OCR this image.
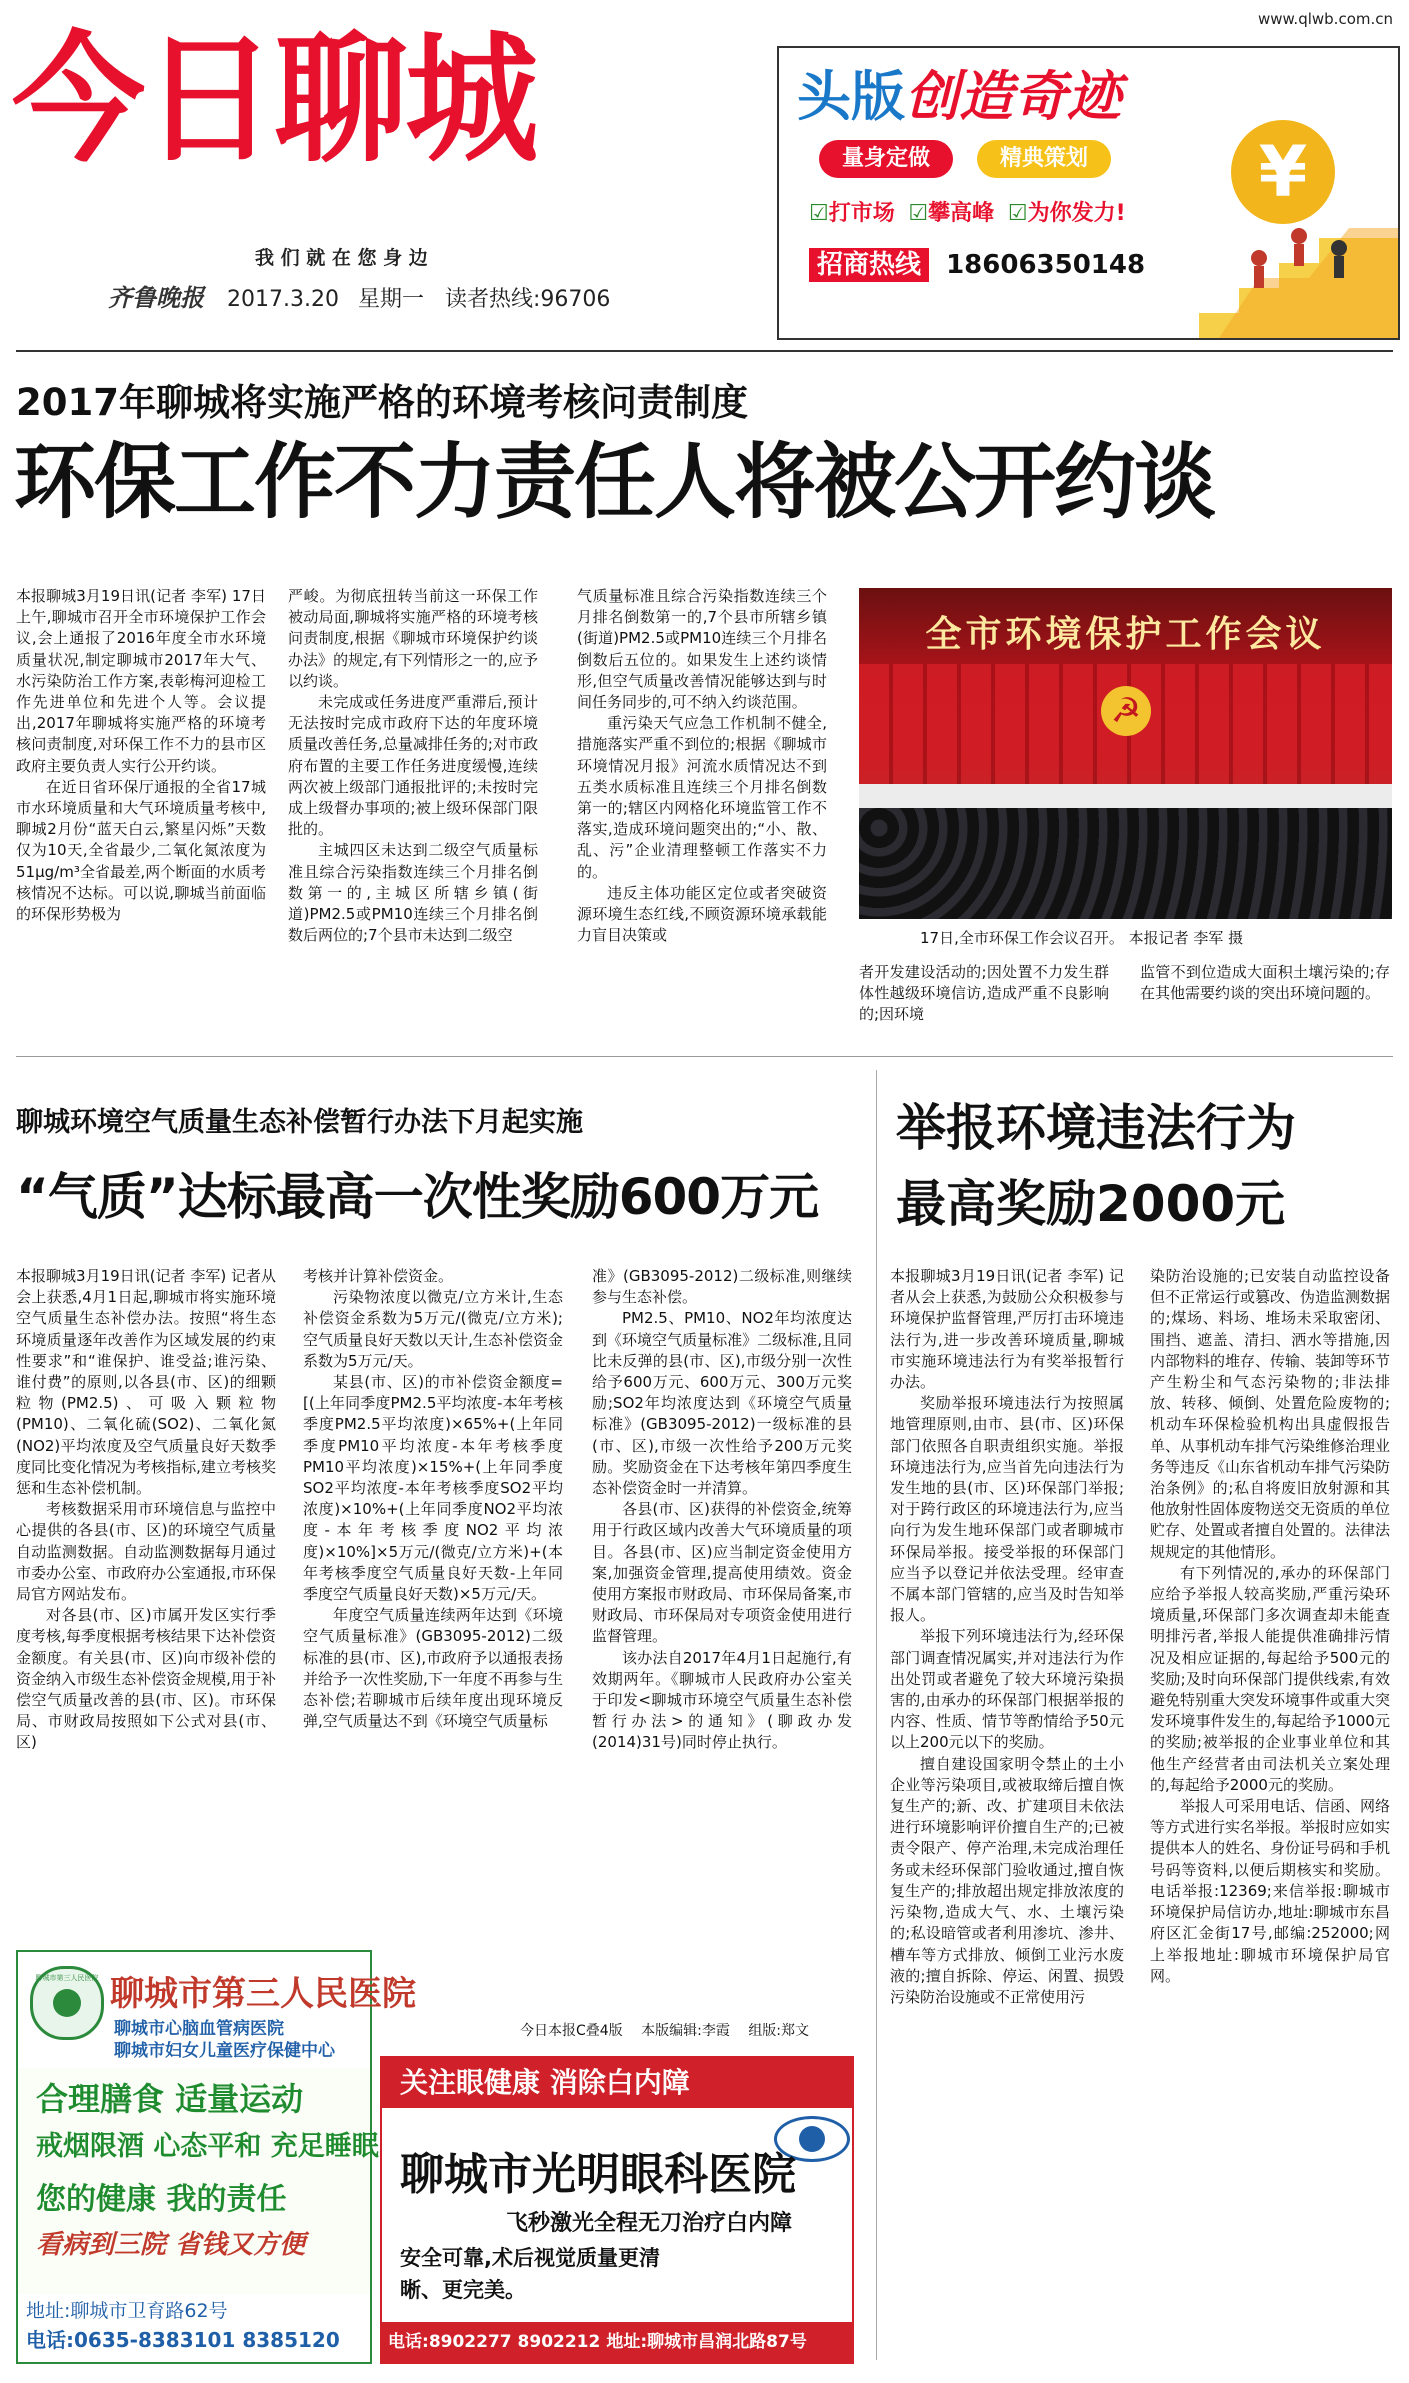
www.qlwb.com.cn
今日聊城
我 们 就 在 您 身 边
齐鲁晚报 2017.3.20 星期一 读者热线:96706
头版创造奇迹
量身定做	精典策划
☑打市场 ☑攀高峰 ☑为你发力!
招商热线 18606350148
¥
2017年聊城将实施严格的环境考核问责制度
环保工作不力责任人将被公开约谈

本报聊城3月19日讯(记者 李军) 17日上午,聊城市召开全市环境保护工作会议,会上通报了2016年度全市水环境质量状况,制定聊城市2017年大气、水污染防治工作方案,表彰梅河迎检工作先进单位和先进个人等。会议提出,2017年聊城将实施严格的环境考核问责制度,对环保工作不力的县市区政府主要负责人实行公开约谈。

在近日省环保厅通报的全省17城市水环境质量和大气环境质量考核中,聊城2月份“蓝天白云,繁星闪烁”天数仅为10天,全省最少,二氧化氮浓度为51μg/m³全省最差,两个断面的水质考核情况不达标。可以说,聊城当前面临的环保形势极为

严峻。为彻底扭转当前这一环保工作被动局面,聊城将实施严格的环境考核问责制度,根据《聊城市环境保护约谈办法》的规定,有下列情形之一的,应予以约谈。

未完成或任务进度严重滞后,预计无法按时完成市政府下达的年度环境质量改善任务,总量减排任务的;对市政府布置的主要工作任务进度缓慢,连续两次被上级部门通报批评的;未按时完成上级督办事项的;被上级环保部门限批的。

主城四区未达到二级空气质量标准且综合污染指数连续三个月排名倒数第一的,主城区所辖乡镇(街道)PM2.5或PM10连续三个月排名倒数后两位的;7个县市未达到二级空

气质量标准且综合污染指数连续三个月排名倒数第一的,7个县市所辖乡镇(街道)PM2.5或PM10连续三个月排名倒数后五位的。如果发生上述约谈情形,但空气质量改善情况能够达到与时间任务同步的,可不纳入约谈范围。

重污染天气应急工作机制不健全,措施落实严重不到位的;根据《聊城市环境情况月报》河流水质情况达不到五类水质标准且连续三个月排名倒数第一的;辖区内网格化环境监管工作不落实,造成环境问题突出的;“小、散、乱、污”企业清理整顿工作落实不力的。

违反主体功能区定位或者突破资源环境生态红线,不顾资源环境承载能力盲目决策或

全市环境保护工作会议
☭
17日,全市环保工作会议召开。 本报记者 李军 摄

者开发建设活动的;因处置不力发生群体性越级环境信访,造成严重不良影响的;因环境

监管不到位造成大面积土壤污染的;存在其他需要约谈的突出环境问题的。

聊城环境空气质量生态补偿暂行办法下月起实施
“气质”达标最高一次性奖励600万元

本报聊城3月19日讯(记者 李军) 记者从会上获悉,4月1日起,聊城市将实施环境空气质量生态补偿办法。按照“将生态环境质量逐年改善作为区域发展的约束性要求”和“谁保护、谁受益;谁污染、谁付费”的原则,以各县(市、区)的细颗粒物(PM2.5)、可吸入颗粒物(PM10)、二氧化硫(SO2)、二氧化氮(NO2)平均浓度及空气质量良好天数季度同比变化情况为考核指标,建立考核奖惩和生态补偿机制。

考核数据采用市环境信息与监控中心提供的各县(市、区)的环境空气质量自动监测数据。自动监测数据每月通过市委办公室、市政府办公室通报,市环保局官方网站发布。

对各县(市、区)市属开发区实行季度考核,每季度根据考核结果下达补偿资金额度。有关县(市、区)向市级补偿的资金纳入市级生态补偿资金规模,用于补偿空气质量改善的县(市、区)。市环保局、市财政局按照如下公式对县(市、区)

考核并计算补偿资金。

污染物浓度以微克/立方米计,生态补偿资金系数为5万元/(微克/立方米);空气质量良好天数以天计,生态补偿资金系数为5万元/天。

某县(市、区)的市补偿资金额度=[(上年同季度PM2.5平均浓度-本年考核季度PM2.5平均浓度)×65%+(上年同季度PM10平均浓度-本年考核季度PM10平均浓度)×15%+(上年同季度SO2平均浓度-本年考核季度SO2平均浓度)×10%+(上年同季度NO2平均浓度-本年考核季度NO2平均浓度)×10%]×5万元/(微克/立方米)+(本年考核季度空气质量良好天数-上年同季度空气质量良好天数)×5万元/天。

年度空气质量连续两年达到《环境空气质量标准》(GB3095-2012)二级标准的县(市、区),市政府予以通报表扬并给予一次性奖励,下一年度不再参与生态补偿;若聊城市后续年度出现环境反弹,空气质量达不到《环境空气质量标

准》(GB3095-2012)二级标准,则继续参与生态补偿。

PM2.5、PM10、NO2年均浓度达到《环境空气质量标准》二级标准,且同比未反弹的县(市、区),市级分别一次性给予600万元、600万元、300万元奖励;SO2年均浓度达到《环境空气质量标准》(GB3095-2012)一级标准的县(市、区),市级一次性给予200万元奖励。奖励资金在下达考核年第四季度生态补偿资金时一并清算。

各县(市、区)获得的补偿资金,统筹用于行政区域内改善大气环境质量的项目。各县(市、区)应当制定资金使用方案,加强资金管理,提高使用绩效。资金使用方案报市财政局、市环保局备案,市财政局、市环保局对专项资金使用进行监督管理。

该办法自2017年4月1日起施行,有效期两年。《聊城市人民政府办公室关于印发<聊城市环境空气质量生态补偿暂行办法>的通知》(聊政办发(2014)31号)同时停止执行。

举报环境违法行为
最高奖励2000元

本报聊城3月19日讯(记者 李军) 记者从会上获悉,为鼓励公众积极参与环境保护监督管理,严厉打击环境违法行为,进一步改善环境质量,聊城市实施环境违法行为有奖举报暂行办法。

奖励举报环境违法行为按照属地管理原则,由市、县(市、区)环保部门依照各自职责组织实施。举报环境违法行为,应当首先向违法行为发生地的县(市、区)环保部门举报;对于跨行政区的环境违法行为,应当向行为发生地环保部门或者聊城市环保局举报。接受举报的环保部门应当予以登记并依法受理。经审查不属本部门管辖的,应当及时告知举报人。

举报下列环境违法行为,经环保部门调查情况属实,并对违法行为作出处罚或者避免了较大环境污染损害的,由承办的环保部门根据举报的内容、性质、情节等酌情给予50元以上200元以下的奖励。

擅自建设国家明令禁止的土小企业等污染项目,或被取缔后擅自恢复生产的;新、改、扩建项目未依法进行环境影响评价擅自生产的;已被责令限产、停产治理,未完成治理任务或未经环保部门验收通过,擅自恢复生产的;排放超出规定排放浓度的污染物,造成大气、水、土壤污染的;私设暗管或者利用渗坑、渗井、槽车等方式排放、倾倒工业污水废液的;擅自拆除、停运、闲置、损毁污染防治设施或不正常使用污

染防治设施的;已安装自动监控设备但不正常运行或篡改、伪造监测数据的;煤场、料场、堆场未采取密闭、围挡、遮盖、清扫、洒水等措施,因内部物料的堆存、传输、装卸等环节产生粉尘和气态污染物的;非法排放、转移、倾倒、处置危险废物的;机动车环保检验机构出具虚假报告单、从事机动车排气污染维修治理业务等违反《山东省机动车排气污染防治条例》的;私自将废旧放射源和其他放射性固体废物送交无资质的单位贮存、处置或者擅自处置的。法律法规规定的其他情形。

有下列情况的,承办的环保部门应给予举报人较高奖励,严重污染环境质量,环保部门多次调查却未能查明排污者,举报人能提供准确排污情况及相应证据的,每起给予500元的奖励;及时向环保部门提供线索,有效避免特别重大突发环境事件或重大突发环境事件发生的,每起给予1000元的奖励;被举报的企业事业单位和其他生产经营者由司法机关立案处理的,每起给予2000元的奖励。

举报人可采用电话、信函、网络等方式进行实名举报。举报时应如实提供本人的姓名、身份证号码和手机号码等资料,以便后期核实和奖励。电话举报:12369;来信举报:聊城市环境保护局信访办,地址:聊城市东昌府区汇金街17号,邮编:252000;网上举报地址:聊城市环境保护局官网。

今日本报C叠4版 本版编辑:李霞 组版:郑文
聊城市第三人民医院 聊城市第三人民医院
聊城市心脑血管病医院
聊城市妇女儿童医疗保健中心
合理膳食 适量运动
戒烟限酒 心态平和 充足睡眠
您的健康 我的责任
看病到三院 省钱又方便
地址:聊城市卫育路62号
电话:0635-8383101 8385120
关注眼健康 消除白内障
聊城市光明眼科医院
飞秒激光全程无刀治疗白内障
安全可靠,术后视觉质量更清晰、更完美。
电话:8902277 8902212 地址:聊城市昌润北路87号
